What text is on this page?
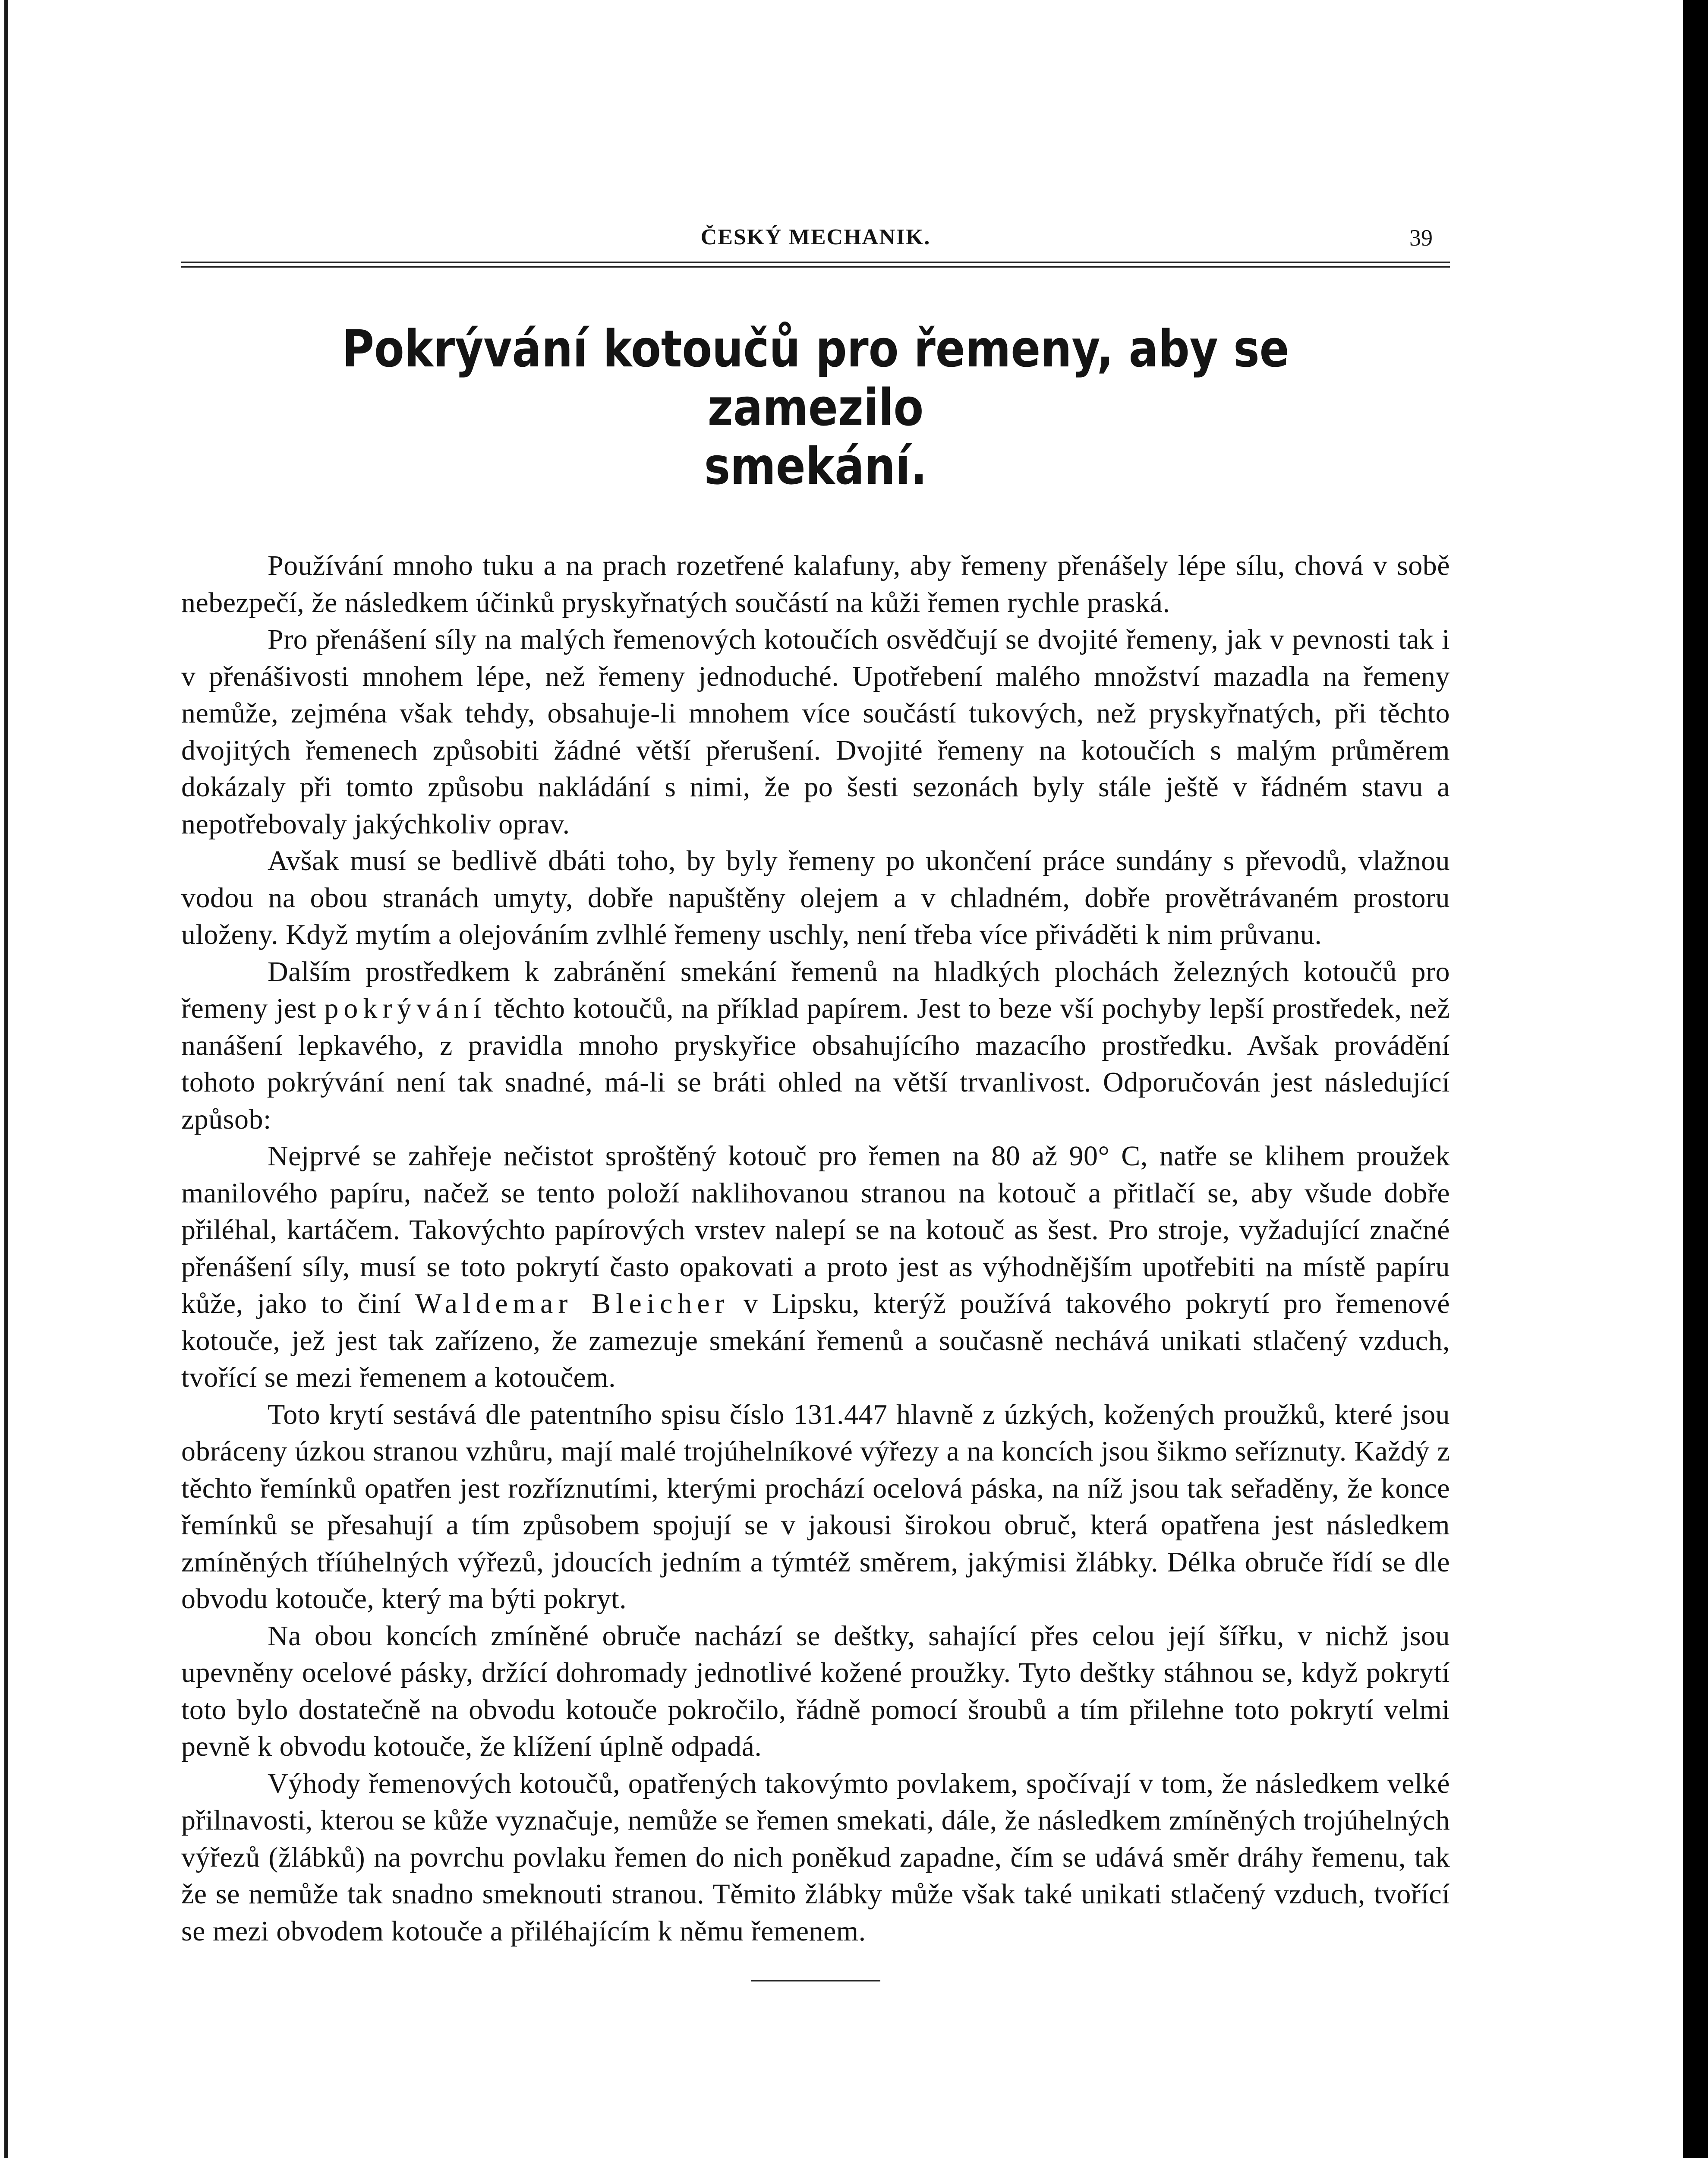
ČESKÝ MECHANIK.	39
Pokrývání kotoučů pro řemeny, aby se zamezilo
smekání.

Používání mnoho tuku a na prach rozetřené kalafuny, aby řemeny přenášely lépe sílu, chová v sobě nebezpečí, že následkem účinků pryskyřnatých součástí na kůži řemen rychle praská.

Pro přenášení síly na malých řemenových kotoučích osvědčují se dvojité řemeny, jak v pevnosti tak i v přenášivosti mnohem lépe, než řemeny jednoduché. Upotřebení malého množství mazadla na řemeny nemůže, zejména však tehdy, obsahuje-li mnohem více součástí tukových, než pryskyřnatých, při těchto dvojitých řemenech způsobiti žádné větší přerušení. Dvojité řemeny na kotoučích s malým průměrem dokázaly při tomto způsobu nakládání s nimi, že po šesti sezonách byly stále ještě v řádném stavu a nepotřebovaly jakýchkoliv oprav.

Avšak musí se bedlivě dbáti toho, by byly řemeny po ukončení práce sundány s převodů, vlažnou vodou na obou stranách umyty, dobře napuštěny olejem a v chladném, dobře provětrávaném prostoru uloženy. Když mytím a olejováním zvlhlé řemeny uschly, není třeba více přiváděti k nim průvanu.

Dalším prostředkem k zabránění smekání řemenů na hladkých plochách železných kotoučů pro řemeny jest pokrývání těchto kotoučů, na příklad papírem. Jest to beze vší pochyby lepší prostředek, než nanášení lepkavého, z pravidla mnoho pryskyřice obsahujícího mazacího prostředku. Avšak provádění tohoto pokrývání není tak snadné, má-li se bráti ohled na větší trvanlivost. Odporučován jest následující způsob:

Nejprvé se zahřeje nečistot sproštěný kotouč pro řemen na 80 až 90° C, natře se klihem proužek manilového papíru, načež se tento položí naklihovanou stranou na kotouč a přitlačí se, aby všude dobře přiléhal, kartáčem. Takovýchto papírových vrstev nalepí se na kotouč as šest. Pro stroje, vyžadující značné přenášení síly, musí se toto pokrytí často opakovati a proto jest as výhodnějším upotřebiti na místě papíru kůže, jako to činí Waldemar Bleicher v Lipsku, kterýž používá takového pokrytí pro řemenové kotouče, jež jest tak zařízeno, že zamezuje smekání řemenů a současně nechává unikati stlačený vzduch, tvořící se mezi řemenem a kotoučem.

Toto krytí sestává dle patentního spisu číslo 131.447 hlavně z úzkých, kožených proužků, které jsou obráceny úzkou stranou vzhůru, mají malé trojúhelníkové výřezy a na koncích jsou šikmo seříznuty. Každý z těchto řemínků opatřen jest rozříznutími, kterými prochází ocelová páska, na níž jsou tak seřaděny, že konce řemínků se přesahují a tím způsobem spojují se v jakousi širokou obruč, která opatřena jest následkem zmíněných tříúhelných výřezů, jdoucích jedním a týmtéž směrem, jakýmisi žlábky. Délka obruče řídí se dle obvodu kotouče, který ma býti pokryt.

Na obou koncích zmíněné obruče nachází se deštky, sahající přes celou její šířku, v nichž jsou upevněny ocelové pásky, držící dohromady jednotlivé kožené proužky. Tyto deštky stáhnou se, když pokrytí toto bylo dostatečně na obvodu kotouče pokročilo, řádně pomocí šroubů a tím přilehne toto pokrytí velmi pevně k obvodu kotouče, že klížení úplně odpadá.

Výhody řemenových kotoučů, opatřených takovýmto povlakem, spočívají v tom, že následkem velké přilnavosti, kterou se kůže vyznačuje, nemůže se řemen smekati, dále, že následkem zmíněných trojúhelných výřezů (žlábků) na povrchu povlaku řemen do nich poněkud zapadne, čím se udává směr dráhy řemenu, tak že se nemůže tak snadno smeknouti stranou. Těmito žlábky může však také unikati stlačený vzduch, tvořící se mezi obvodem kotouče a přiléhajícím k němu řemenem.
